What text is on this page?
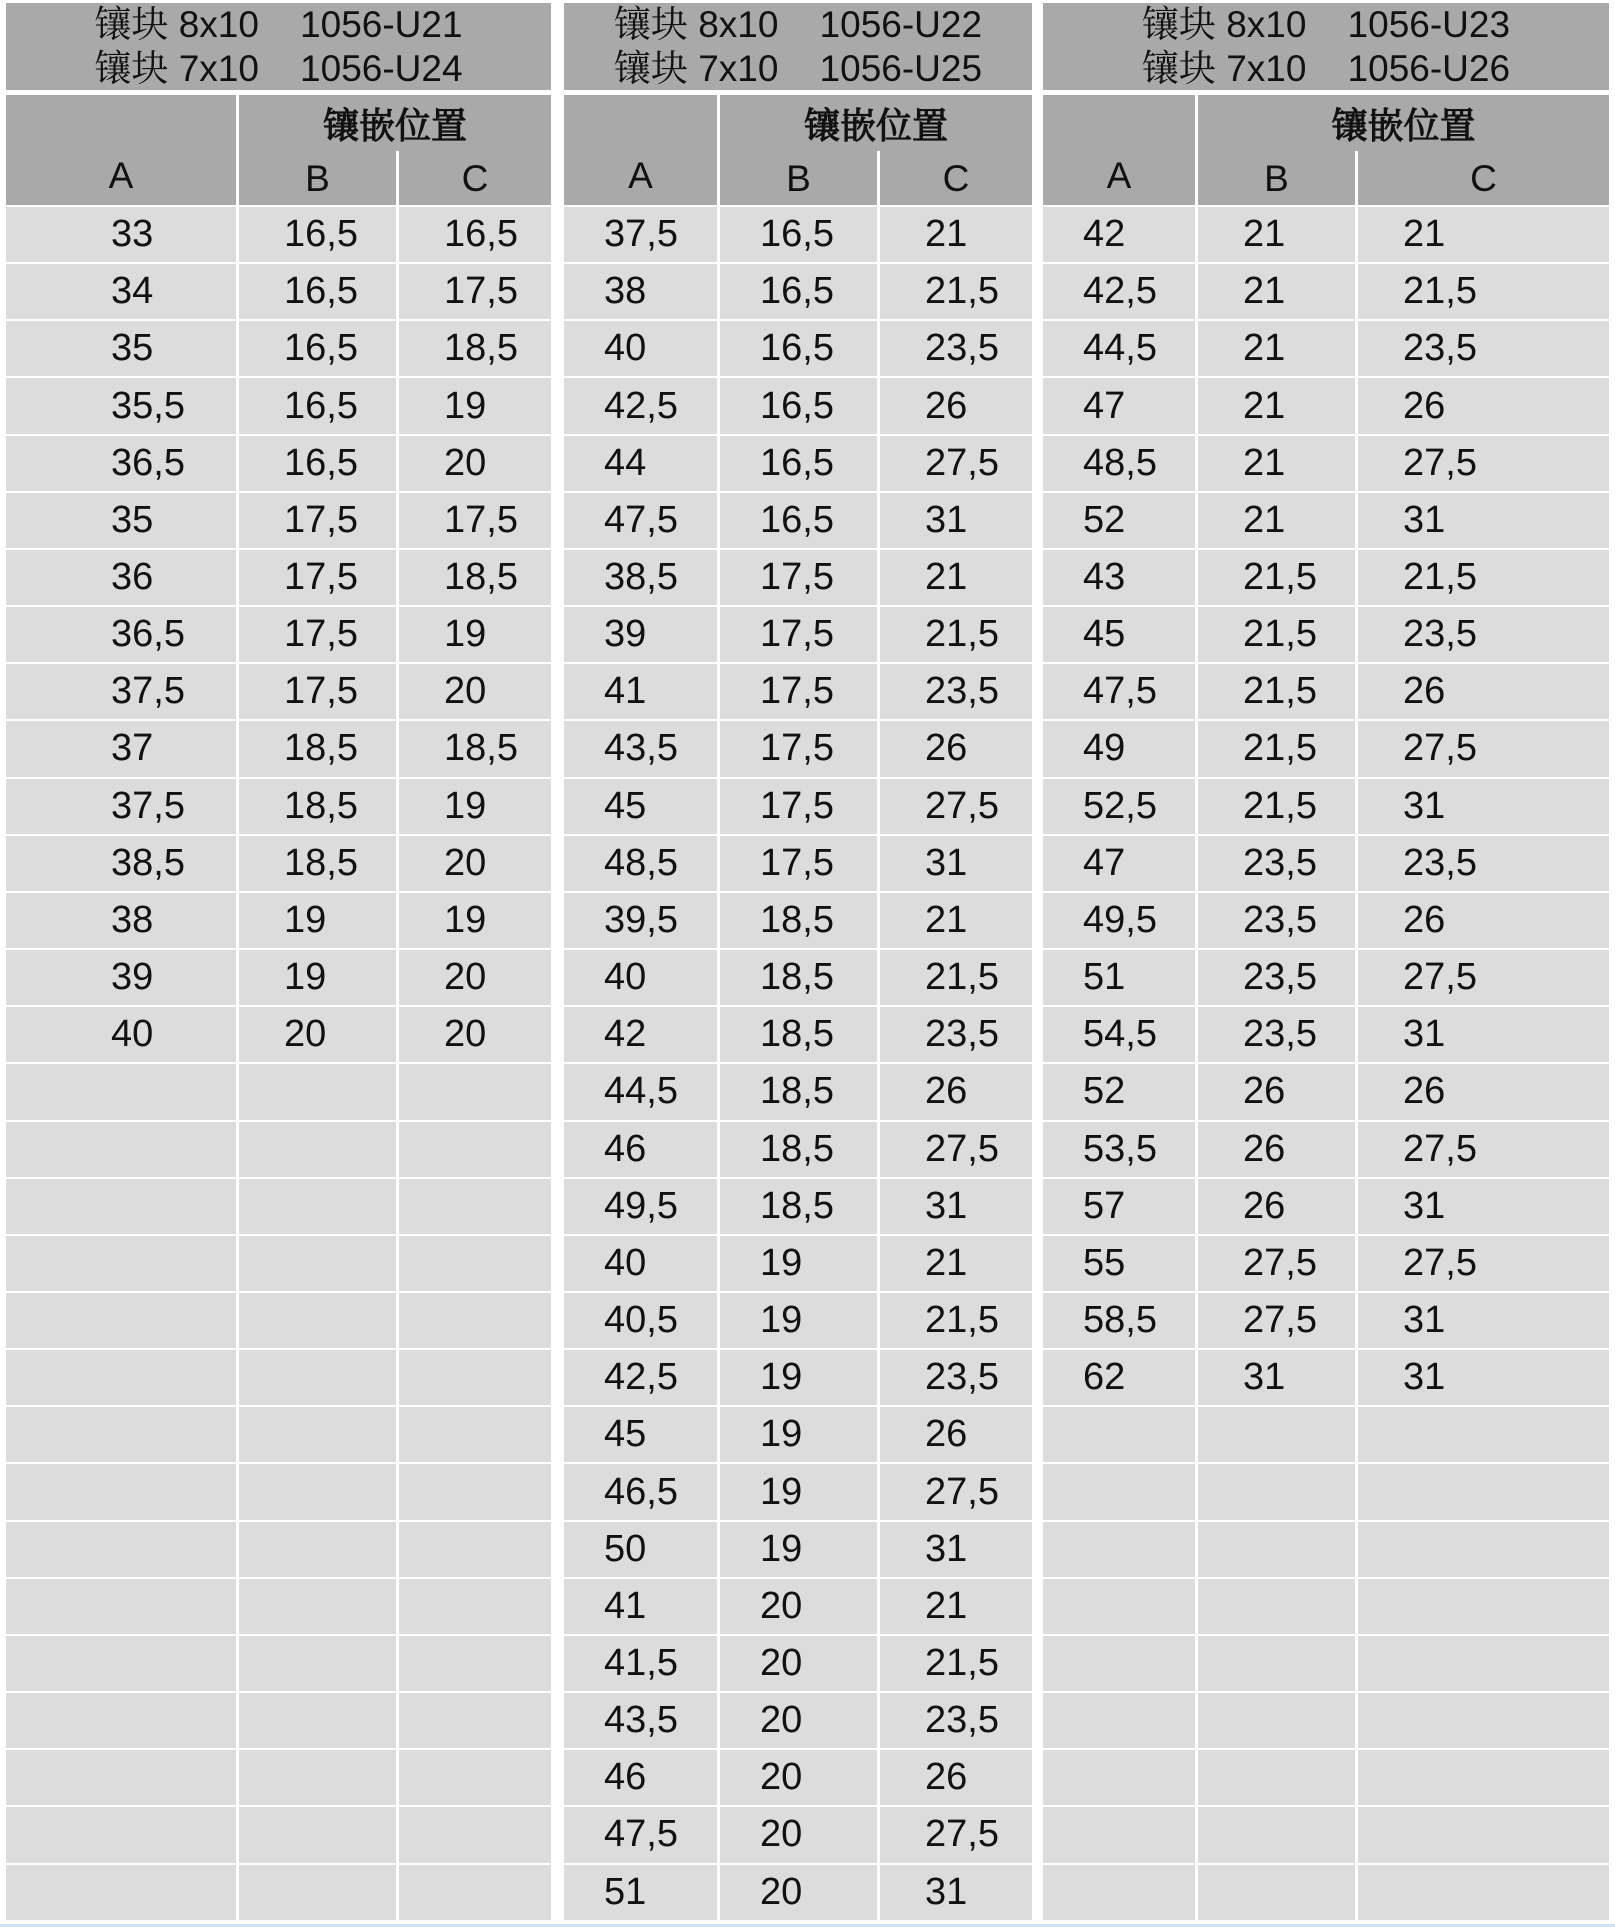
镶块 8x10    1056-U21
镶块 7x10    1056-U24
A
镶嵌位置
B	C
33	16,5	16,5
34	16,5	17,5
35	16,5	18,5
35,5	16,5	19
36,5	16,5	20
35	17,5	17,5
36	17,5	18,5
36,5	17,5	19
37,5	17,5	20
37	18,5	18,5
37,5	18,5	19
38,5	18,5	20
38	19	19
39	19	20
40	20	20
镶块 8x10    1056-U22
镶块 7x10    1056-U25
A
镶嵌位置
B	C
37,5	16,5	21
38	16,5	21,5
40	16,5	23,5
42,5	16,5	26
44	16,5	27,5
47,5	16,5	31
38,5	17,5	21
39	17,5	21,5
41	17,5	23,5
43,5	17,5	26
45	17,5	27,5
48,5	17,5	31
39,5	18,5	21
40	18,5	21,5
42	18,5	23,5
44,5	18,5	26
46	18,5	27,5
49,5	18,5	31
40	19	21
40,5	19	21,5
42,5	19	23,5
45	19	26
46,5	19	27,5
50	19	31
41	20	21
41,5	20	21,5
43,5	20	23,5
46	20	26
47,5	20	27,5
51	20	31
镶块 8x10    1056-U23
镶块 7x10    1056-U26
A
镶嵌位置
B	C
42	21	21
42,5	21	21,5
44,5	21	23,5
47	21	26
48,5	21	27,5
52	21	31
43	21,5	21,5
45	21,5	23,5
47,5	21,5	26
49	21,5	27,5
52,5	21,5	31
47	23,5	23,5
49,5	23,5	26
51	23,5	27,5
54,5	23,5	31
52	26	26
53,5	26	27,5
57	26	31
55	27,5	27,5
58,5	27,5	31
62	31	31
